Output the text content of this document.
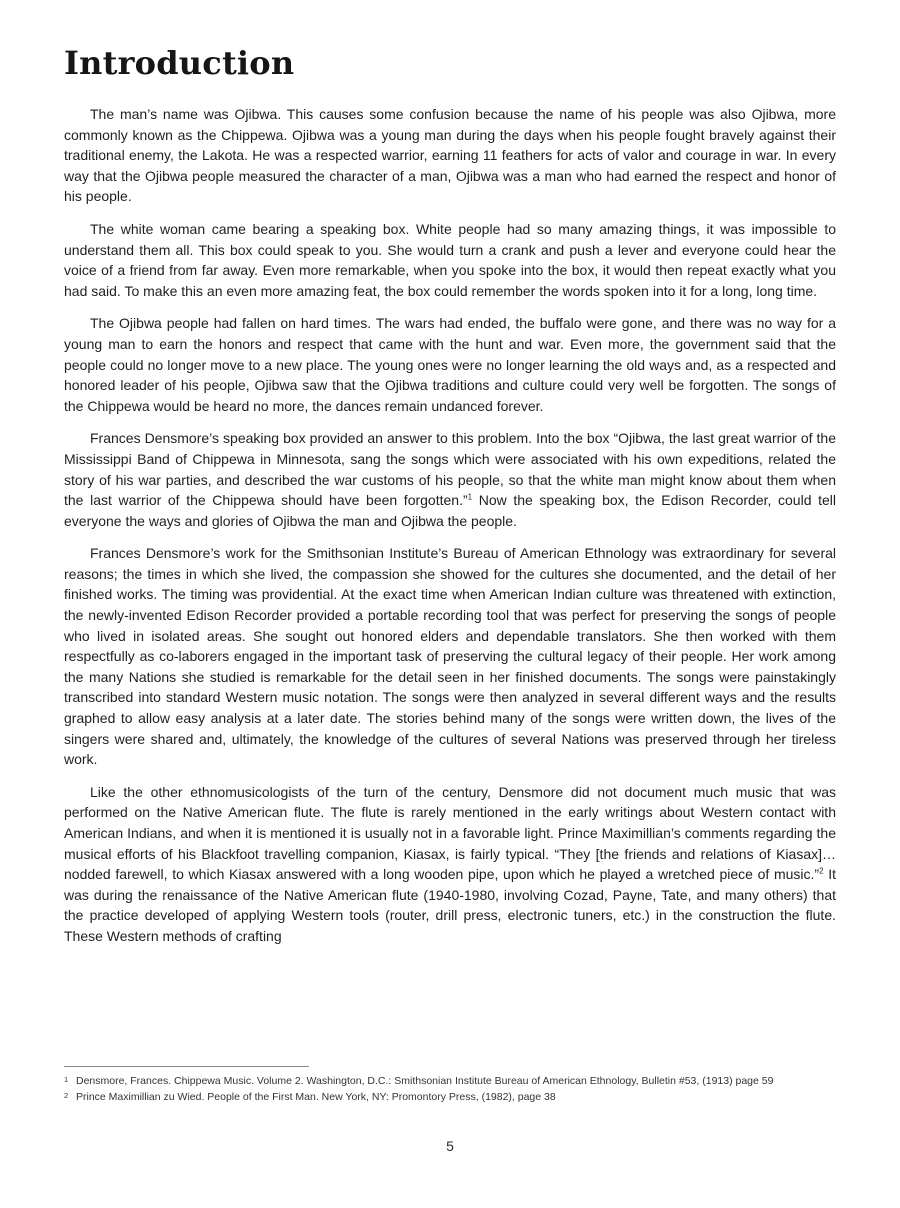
Introduction

The man’s name was Ojibwa. This causes some confusion because the name of his people was also Ojibwa, more commonly known as the Chippewa. Ojibwa was a young man during the days when his people fought bravely against their traditional enemy, the Lakota. He was a respected warrior, earning 11 feathers for acts of valor and courage in war. In every way that the Ojibwa people measured the character of a man, Ojibwa was a man who had earned the respect and honor of his people.

The white woman came bearing a speaking box. White people had so many amazing things, it was impossible to understand them all. This box could speak to you. She would turn a crank and push a lever and everyone could hear the voice of a friend from far away. Even more remarkable, when you spoke into the box, it would then repeat exactly what you had said. To make this an even more amazing feat, the box could remember the words spoken into it for a long, long time.

The Ojibwa people had fallen on hard times. The wars had ended, the buffalo were gone, and there was no way for a young man to earn the honors and respect that came with the hunt and war. Even more, the government said that the people could no longer move to a new place. The young ones were no longer learning the old ways and, as a respected and honored leader of his people, Ojibwa saw that the Ojibwa traditions and culture could very well be forgotten. The songs of the Chippewa would be heard no more, the dances remain undanced forever.

Frances Densmore’s speaking box provided an answer to this problem. Into the box “Ojibwa, the last great warrior of the Mississippi Band of Chippewa in Minnesota, sang the songs which were associated with his own expeditions, related the story of his war parties, and described the war customs of his people, so that the white man might know about them when the last warrior of the Chippewa should have been forgotten.”$^1$ Now the speaking box, the Edison Recorder, could tell everyone the ways and glories of Ojibwa the man and Ojibwa the people.

Frances Densmore’s work for the Smithsonian Institute’s Bureau of American Ethnology was extraordinary for several reasons; the times in which she lived, the compassion she showed for the cultures she documented, and the detail of her finished works. The timing was providential. At the exact time when American Indian culture was threatened with extinction, the newly-invented Edison Recorder provided a portable recording tool that was perfect for preserving the songs of people who lived in isolated areas. She sought out honored elders and dependable translators. She then worked with them respectfully as co-laborers engaged in the important task of preserving the cultural legacy of their people. Her work among the many Nations she studied is remarkable for the detail seen in her finished documents. The songs were painstakingly transcribed into standard Western music notation. The songs were then analyzed in several different ways and the results graphed to allow easy analysis at a later date. The stories behind many of the songs were written down, the lives of the singers were shared and, ultimately, the knowledge of the cultures of several Nations was preserved through her tireless work.

Like the other ethnomusicologists of the turn of the century, Densmore did not document much music that was performed on the Native American flute. The flute is rarely mentioned in the early writings about Western contact with American Indians, and when it is mentioned it is usually not in a favorable light. Prince Maximillian’s comments regarding the musical efforts of his Blackfoot travelling companion, Kiasax, is fairly typical. “They [the friends and relations of Kiasax]…nodded farewell, to which Kiasax answered with a long wooden pipe, upon which he played a wretched piece of music.”$^2$ It was during the renaissance of the Native American flute (1940-1980, involving Cozad, Payne, Tate, and many others) that the practice developed of applying Western tools (router, drill press, electronic tuners, etc.) in the construction the flute. These Western methods of crafting

1 Densmore, Frances. Chippewa Music. Volume 2. Washington, D.C.: Smithsonian Institute Bureau of American Ethnology, Bulletin #53, (1913) page 59
2 Prince Maximillian zu Wied. People of the First Man. New York, NY: Promontory Press, (1982), page 38
5
